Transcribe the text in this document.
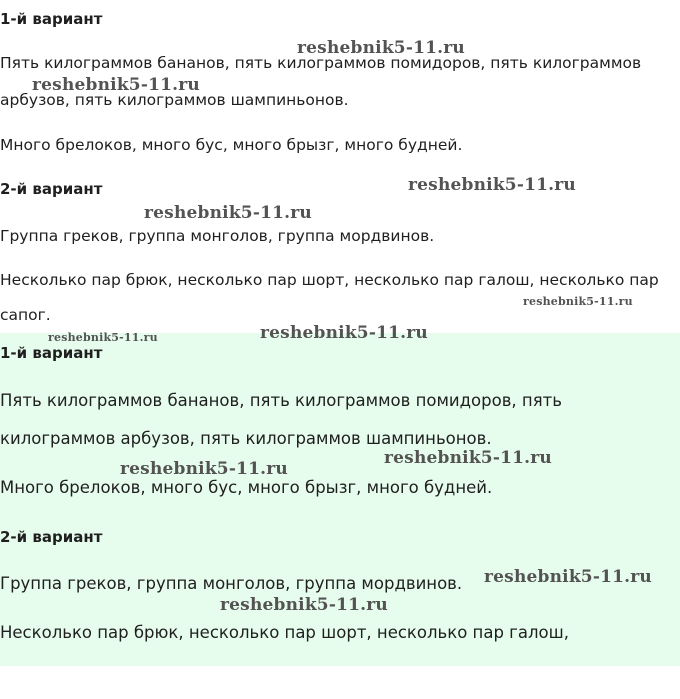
1-й вариант

Пять килограммов бананов, пять килограммов помидоров, пять килограммов

арбузов, пять килограммов шампиньонов.

Много брелоков, много бус, много брызг, много будней.

2-й вариант

Группа греков, группа монголов, группа мордвинов.

Несколько пар брюк, несколько пар шорт, несколько пар галош, несколько пар

сапог.

1-й вариант

Пять килограммов бананов, пять килограммов помидоров, пять

килограммов арбузов, пять килограммов шампиньонов.

Много брелоков, много бус, много брызг, много будней.

2-й вариант

Группа греков, группа монголов, группа мордвинов.

Несколько пар брюк, несколько пар шорт, несколько пар галош,

reshebnik5-11.ru
reshebnik5-11.ru
reshebnik5-11.ru
reshebnik5-11.ru
reshebnik5-11.ru
reshebnik5-11.ru	reshebnik5-11.ru
reshebnik5-11.ru
reshebnik5-11.ru
reshebnik5-11.ru
reshebnik5-11.ru
